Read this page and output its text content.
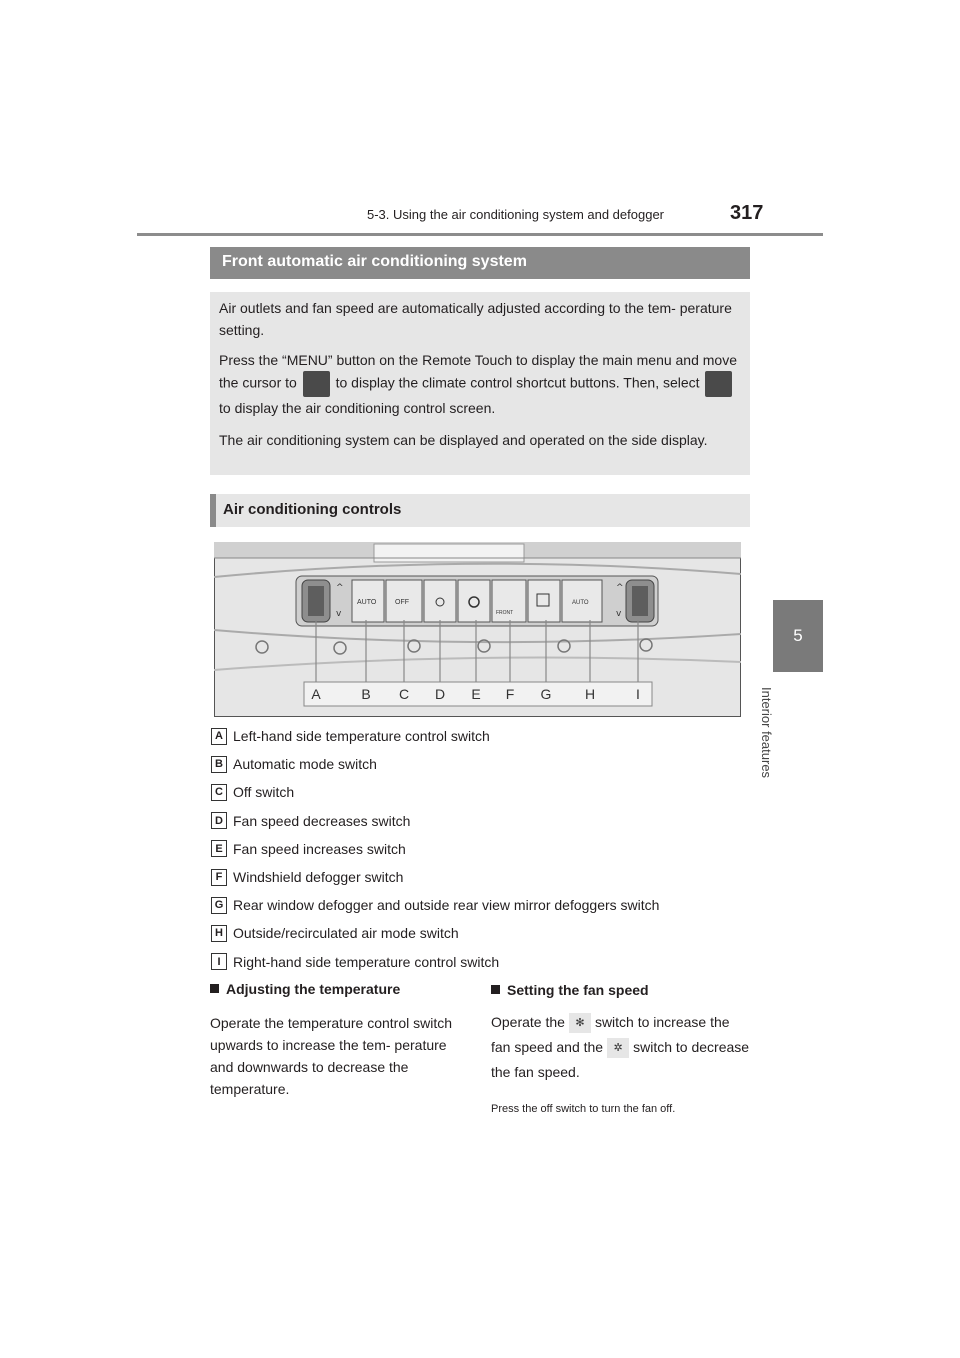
5-3. Using the air conditioning system and defogger	317
5
Interior features
Front automatic air conditioning system

Air outlets and fan speed are automatically adjusted according to the tem- perature setting.

Press the “MENU” button on the Remote Touch to display the main menu and move the cursor to	to display the climate control shortcut buttons. Then, select  to display the air conditioning control screen.

The air conditioning system can be displayed and operated on the side display.

Air conditioning controls
^
v
^
v
AUTO	OFF
FRONT
AUTO
A	B C D E F G H	I
A Left-hand side temperature control switch
B Automatic mode switch
C Off switch
D Fan speed decreases switch
E Fan speed increases switch
F Windshield defogger switch
G Rear window defogger and outside rear view mirror defoggers switch
H Outside/recirculated air mode switch
I Right-hand side temperature control switch
Adjusting the temperature

Operate the temperature control switch upwards to increase the tem- perature and downwards to decrease the temperature.

Setting the fan speed

Operate the ✻ switch to increase the fan speed and the ✲ switch to decrease the fan speed.

Press the off switch to turn the fan off.
